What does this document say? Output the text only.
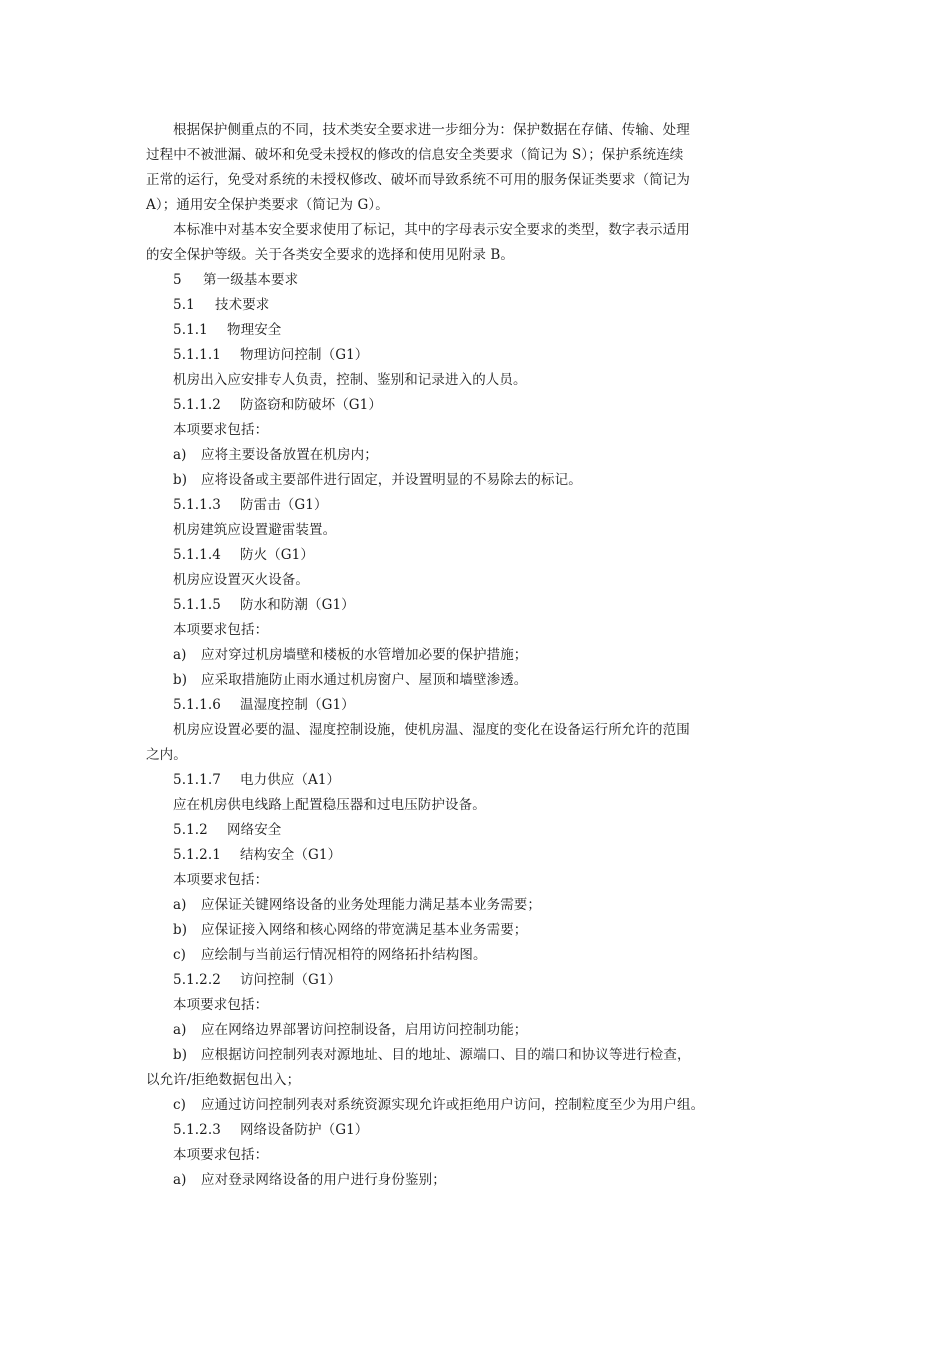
根据保护侧重点的不同，技术类安全要求进一步细分为：保护数据在存储、传输、处理
过程中不被泄漏、破坏和免受未授权的修改的信息安全类要求（简记为 S）；保护系统连续
正常的运行，免受对系统的未授权修改、破坏而导致系统不可用的服务保证类要求（简记为
A）；通用安全保护类要求（简记为 G）。
本标准中对基本安全要求使用了标记，其中的字母表示安全要求的类型，数字表示适用
的安全保护等级。关于各类安全要求的选择和使用见附录 B。
5 第一级基本要求
5.1 技术要求
5.1.1 物理安全
5.1.1.1 物理访问控制（G1）
机房出入应安排专人负责，控制、鉴别和记录进入的人员。
5.1.1.2 防盗窃和防破坏（G1）
本项要求包括：
a) 应将主要设备放置在机房内；
b) 应将设备或主要部件进行固定，并设置明显的不易除去的标记。
5.1.1.3 防雷击（G1）
机房建筑应设置避雷装置。
5.1.1.4 防火（G1）
机房应设置灭火设备。
5.1.1.5 防水和防潮（G1）
本项要求包括：
a) 应对穿过机房墙壁和楼板的水管增加必要的保护措施；
b) 应采取措施防止雨水通过机房窗户、屋顶和墙壁渗透。
5.1.1.6 温湿度控制（G1）
机房应设置必要的温、湿度控制设施，使机房温、湿度的变化在设备运行所允许的范围
之内。
5.1.1.7 电力供应（A1）
应在机房供电线路上配置稳压器和过电压防护设备。
5.1.2 网络安全
5.1.2.1 结构安全（G1）
本项要求包括：
a) 应保证关键网络设备的业务处理能力满足基本业务需要；
b) 应保证接入网络和核心网络的带宽满足基本业务需要；
c) 应绘制与当前运行情况相符的网络拓扑结构图。
5.1.2.2 访问控制（G1）
本项要求包括：
a) 应在网络边界部署访问控制设备，启用访问控制功能；
b) 应根据访问控制列表对源地址、目的地址、源端口、目的端口和协议等进行检查，
以允许/拒绝数据包出入；
c) 应通过访问控制列表对系统资源实现允许或拒绝用户访问，控制粒度至少为用户组。
5.1.2.3 网络设备防护（G1）
本项要求包括：
a) 应对登录网络设备的用户进行身份鉴别；
